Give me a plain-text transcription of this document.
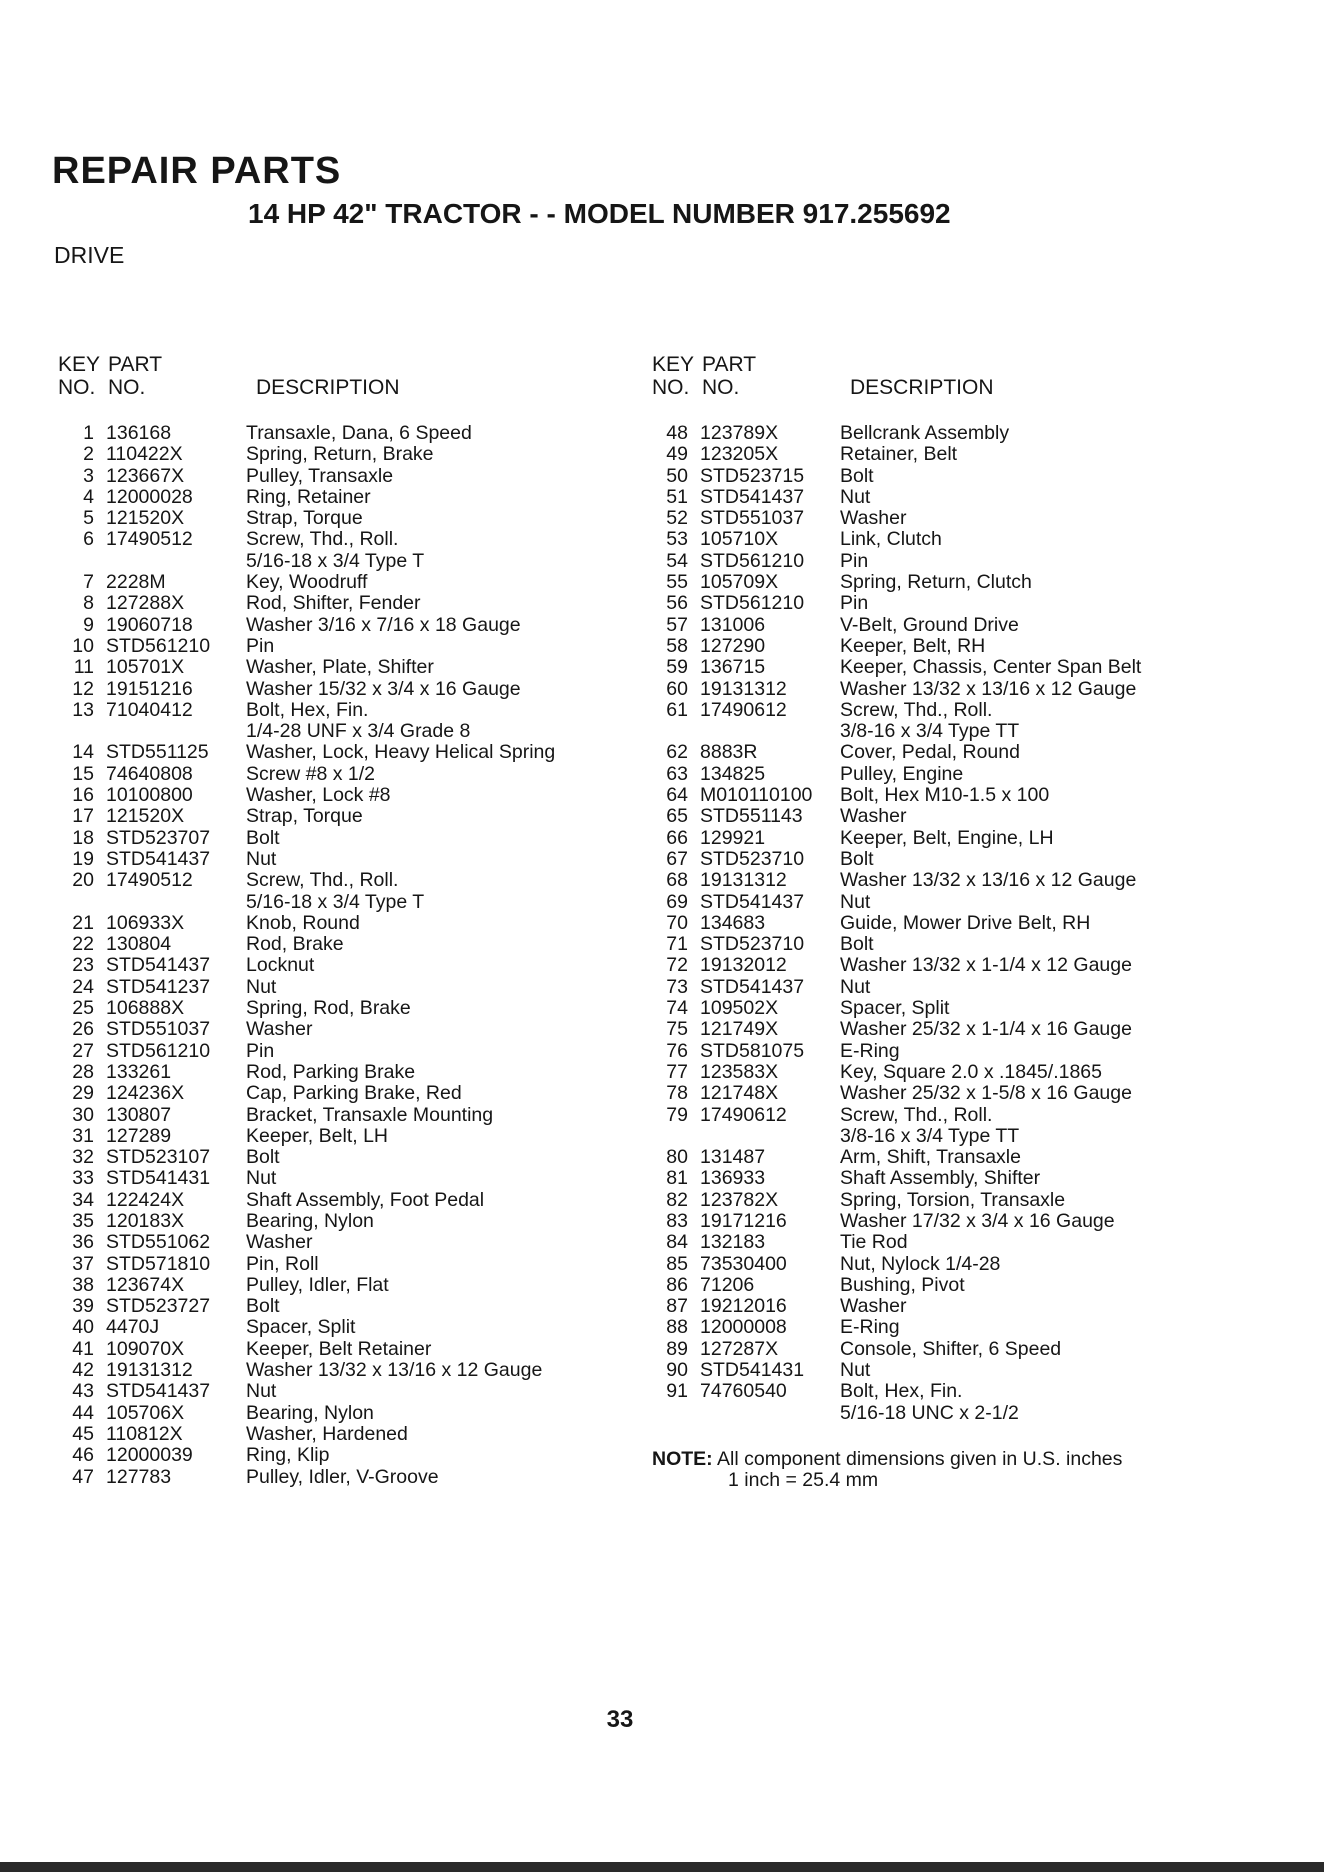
REPAIR PARTS
14 HP 42" TRACTOR - - MODEL NUMBER 917.255692
DRIVE
KEY PART
NO. NO.	DESCRIPTION
1 136168	Transaxle, Dana, 6 Speed
2 110422X	Spring, Return, Brake
3 123667X	Pulley, Transaxle
4 12000028	Ring, Retainer
5 121520X	Strap, Torque
6 17490512	Screw, Thd., Roll.
5/16-18 x 3/4 Type T
7 2228M	Key, Woodruff
8 127288X	Rod, Shifter, Fender
9 19060718	Washer 3/16 x 7/16 x 18 Gauge
10 STD561210	Pin
11 105701X	Washer, Plate, Shifter
12 19151216	Washer 15/32 x 3/4 x 16 Gauge
13 71040412	Bolt, Hex, Fin.
1/4-28 UNF x 3/4 Grade 8
14 STD551125	Washer, Lock, Heavy Helical Spring
15 74640808	Screw #8 x 1/2
16 10100800	Washer, Lock #8
17 121520X	Strap, Torque
18 STD523707	Bolt
19 STD541437	Nut
20 17490512	Screw, Thd., Roll.
5/16-18 x 3/4 Type T
21 106933X	Knob, Round
22 130804	Rod, Brake
23 STD541437	Locknut
24 STD541237	Nut
25 106888X	Spring, Rod, Brake
26 STD551037	Washer
27 STD561210	Pin
28 133261	Rod, Parking Brake
29 124236X	Cap, Parking Brake, Red
30 130807	Bracket, Transaxle Mounting
31 127289	Keeper, Belt, LH
32 STD523107	Bolt
33 STD541431	Nut
34 122424X	Shaft Assembly, Foot Pedal
35 120183X	Bearing, Nylon
36 STD551062	Washer
37 STD571810	Pin, Roll
38 123674X	Pulley, Idler, Flat
39 STD523727	Bolt
40 4470J	Spacer, Split
41 109070X	Keeper, Belt Retainer
42 19131312	Washer 13/32 x 13/16 x 12 Gauge
43 STD541437	Nut
44 105706X	Bearing, Nylon
45 110812X	Washer, Hardened
46 12000039	Ring, Klip
47 127783	Pulley, Idler, V-Groove
KEY PART
NO. NO.	DESCRIPTION
48 123789X	Bellcrank Assembly
49 123205X	Retainer, Belt
50 STD523715	Bolt
51 STD541437	Nut
52 STD551037	Washer
53 105710X	Link, Clutch
54 STD561210	Pin
55 105709X	Spring, Return, Clutch
56 STD561210	Pin
57 131006	V-Belt, Ground Drive
58 127290	Keeper, Belt, RH
59 136715	Keeper, Chassis, Center Span Belt
60 19131312	Washer 13/32 x 13/16 x 12 Gauge
61 17490612	Screw, Thd., Roll.
3/8-16 x 3/4 Type TT
62 8883R	Cover, Pedal, Round
63 134825	Pulley, Engine
64 M010110100	Bolt, Hex M10-1.5 x 100
65 STD551143	Washer
66 129921	Keeper, Belt, Engine, LH
67 STD523710	Bolt
68 19131312	Washer 13/32 x 13/16 x 12 Gauge
69 STD541437	Nut
70 134683	Guide, Mower Drive Belt, RH
71 STD523710	Bolt
72 19132012	Washer 13/32 x 1-1/4 x 12 Gauge
73 STD541437	Nut
74 109502X	Spacer, Split
75 121749X	Washer 25/32 x 1-1/4 x 16 Gauge
76 STD581075	E-Ring
77 123583X	Key, Square 2.0 x .1845/.1865
78 121748X	Washer 25/32 x 1-5/8 x 16 Gauge
79 17490612	Screw, Thd., Roll.
3/8-16 x 3/4 Type TT
80 131487	Arm, Shift, Transaxle
81 136933	Shaft Assembly, Shifter
82 123782X	Spring, Torsion, Transaxle
83 19171216	Washer 17/32 x 3/4 x 16 Gauge
84 132183	Tie Rod
85 73530400	Nut, Nylock 1/4-28
86 71206	Bushing, Pivot
87 19212016	Washer
88 12000008	E-Ring
89 127287X	Console, Shifter, 6 Speed
90 STD541431	Nut
91 74760540	Bolt, Hex, Fin.
5/16-18 UNC x 2-1/2
NOTE: All component dimensions given in U.S. inches
1 inch = 25.4 mm
33
